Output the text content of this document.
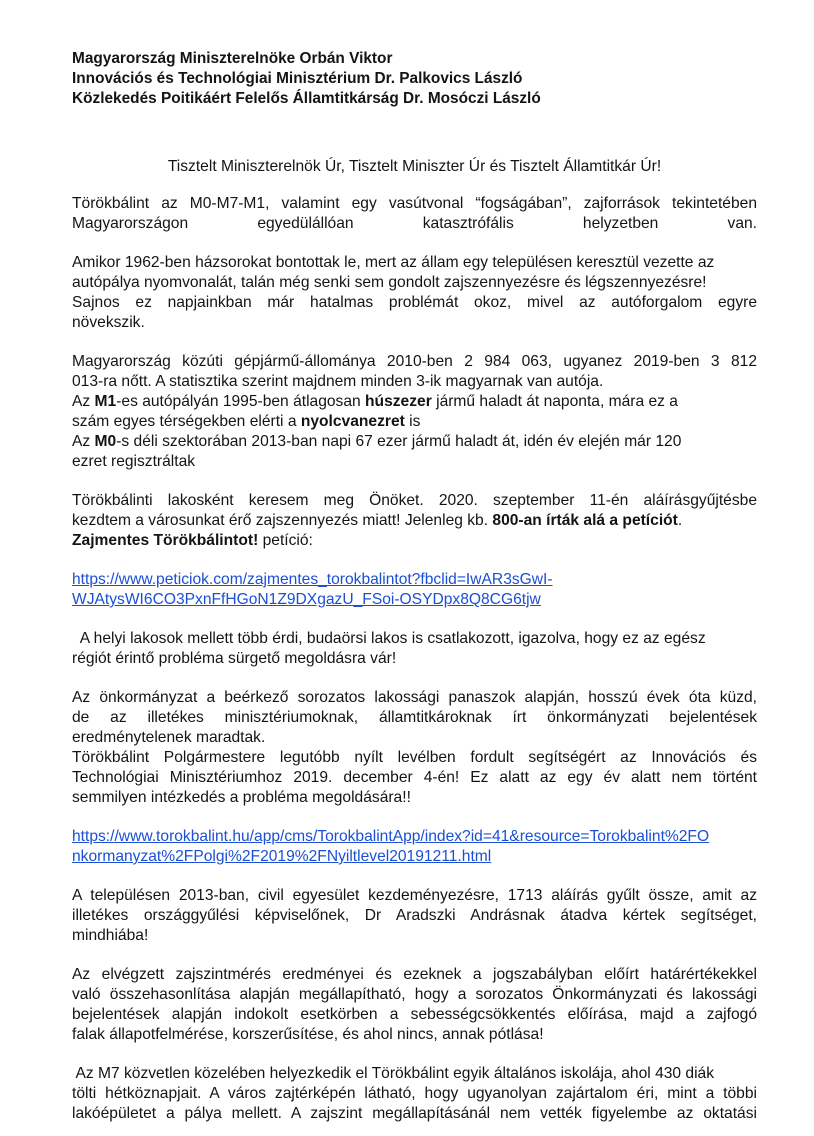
Magyarország Miniszterelnöke Orbán Viktor
Innovációs és Technológiai Minisztérium Dr. Palkovics László
Közlekedés Poitikáért Felelős Államtitkárság Dr. Mosóczi László
Tisztelt Miniszterelnök Úr, Tisztelt Miniszter Úr és Tisztelt Államtitkár Úr!
Törökbálint az M0-M7-M1, valamint egy vasútvonal “fogságában”, zajforrások tekintetében
Magyarországon egyedülállóan katasztrófális helyzetben van.
Amikor 1962-ben házsorokat bontottak le, mert az állam egy településen keresztül vezette az
autópálya nyomvonalát, talán még senki sem gondolt zajszennyezésre és légszennyezésre!
Sajnos ez napjainkban már hatalmas problémát okoz, mivel az autóforgalom egyre
növekszik.
Magyarország közúti gépjármű-állománya 2010-ben 2 984 063, ugyanez 2019-ben 3 812
013-ra nőtt. A statisztika szerint majdnem minden 3-ik magyarnak van autója.
Az M1-es autópályán 1995-ben átlagosan húszezer jármű haladt át naponta, mára ez a
szám egyes térségekben elérti a nyolcvanezret is
Az M0-s déli szektorában 2013-ban napi 67 ezer jármű haladt át, idén év elején már 120
ezret regisztráltak
Törökbálinti lakosként keresem meg Önöket. 2020. szeptember 11-én aláírásgyűjtésbe
kezdtem a városunkat érő zajszennyezés miatt! Jelenleg kb. 800-an írták alá a petíciót.
Zajmentes Törökbálintot! petíció:
https://www.peticiok.com/zajmentes_torokbalintot?fbclid=IwAR3sGwI-
WJAtysWI6CO3PxnFfHGoN1Z9DXgazU_FSoi-OSYDpx8Q8CG6tjw
A helyi lakosok mellett több érdi, budaörsi lakos is csatlakozott, igazolva, hogy ez az egész
régiót érintő probléma sürgető megoldásra vár!
Az önkormányzat a beérkező sorozatos lakossági panaszok alapján, hosszú évek óta küzd,
de az illetékes minisztériumoknak, államtitkároknak írt önkormányzati bejelentések
eredménytelenek maradtak.
Törökbálint Polgármestere legutóbb nyílt levélben fordult segítségért az Innovációs és
Technológiai Minisztériumhoz 2019. december 4-én! Ez alatt az egy év alatt nem történt
semmilyen intézkedés a probléma megoldására!!
https://www.torokbalint.hu/app/cms/TorokbalintApp/index?id=41&resource=Torokbalint%2FO
nkormanyzat%2FPolgi%2F2019%2FNyiltlevel20191211.html
A településen 2013-ban, civil egyesület kezdeményezésre, 1713 aláírás gyűlt össze, amit az
illetékes országgyűlési képviselőnek, Dr Aradszki Andrásnak átadva kértek segítséget,
mindhiába!
Az elvégzett zajszintmérés eredményei és ezeknek a jogszabályban előírt határértékekkel
való összehasonlítása alapján megállapítható, hogy a sorozatos Önkormányzati és lakossági
bejelentések alapján indokolt esetkörben a sebességcsökkentés előírása, majd a zajfogó
falak állapotfelmérése, korszerűsítése, és ahol nincs, annak pótlása!
Az M7 közvetlen közelében helyezkedik el Törökbálint egyik általános iskolája, ahol 430 diák
tölti hétköznapjait. A város zajtérképén látható, hogy ugyanolyan zajártalom éri, mint a többi
lakóépületet a pálya mellett. A zajszint megállapításánál nem vették figyelembe az oktatási
